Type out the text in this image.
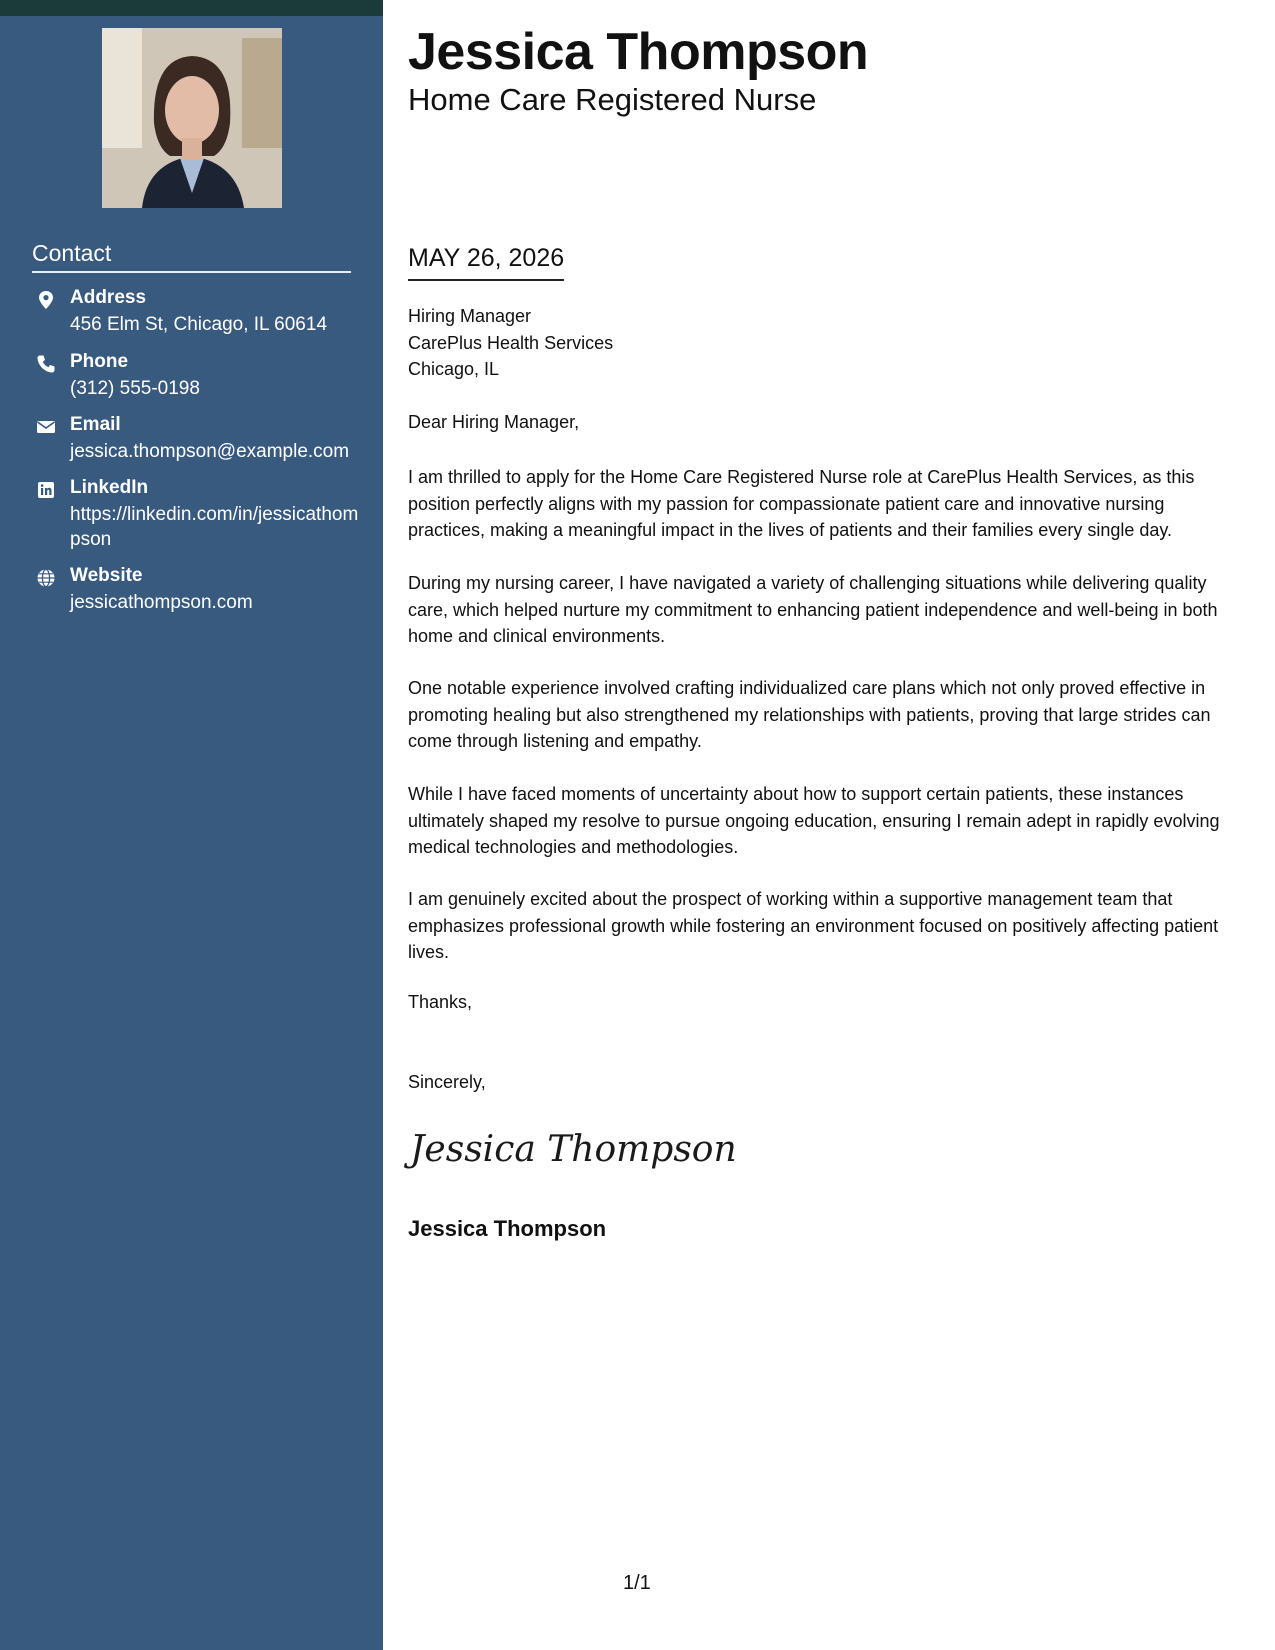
Contact
Address
456 Elm St, Chicago, IL 60614
Phone
(312) 555-0198
Email
jessica.thompson@example.com
LinkedIn
https://linkedin.com/in/jessicathompson
Website
jessicathompson.com
Jessica Thompson
Home Care Registered Nurse
MAY 26, 2026
Hiring Manager
CarePlus Health Services
Chicago, IL
Dear Hiring Manager,
I am thrilled to apply for the Home Care Registered Nurse role at CarePlus Health Services, as this position perfectly aligns with my passion for compassionate patient care and innovative nursing practices, making a meaningful impact in the lives of patients and their families every single day.
During my nursing career, I have navigated a variety of challenging situations while delivering quality care, which helped nurture my commitment to enhancing patient independence and well-being in both home and clinical environments.
One notable experience involved crafting individualized care plans which not only proved effective in promoting healing but also strengthened my relationships with patients, proving that large strides can come through listening and empathy.
While I have faced moments of uncertainty about how to support certain patients, these instances ultimately shaped my resolve to pursue ongoing education, ensuring I remain adept in rapidly evolving medical technologies and methodologies.
I am genuinely excited about the prospect of working within a supportive management team that emphasizes professional growth while fostering an environment focused on positively affecting patient lives.
Thanks,
Sincerely,
Jessica Thompson
Jessica Thompson
1/1
